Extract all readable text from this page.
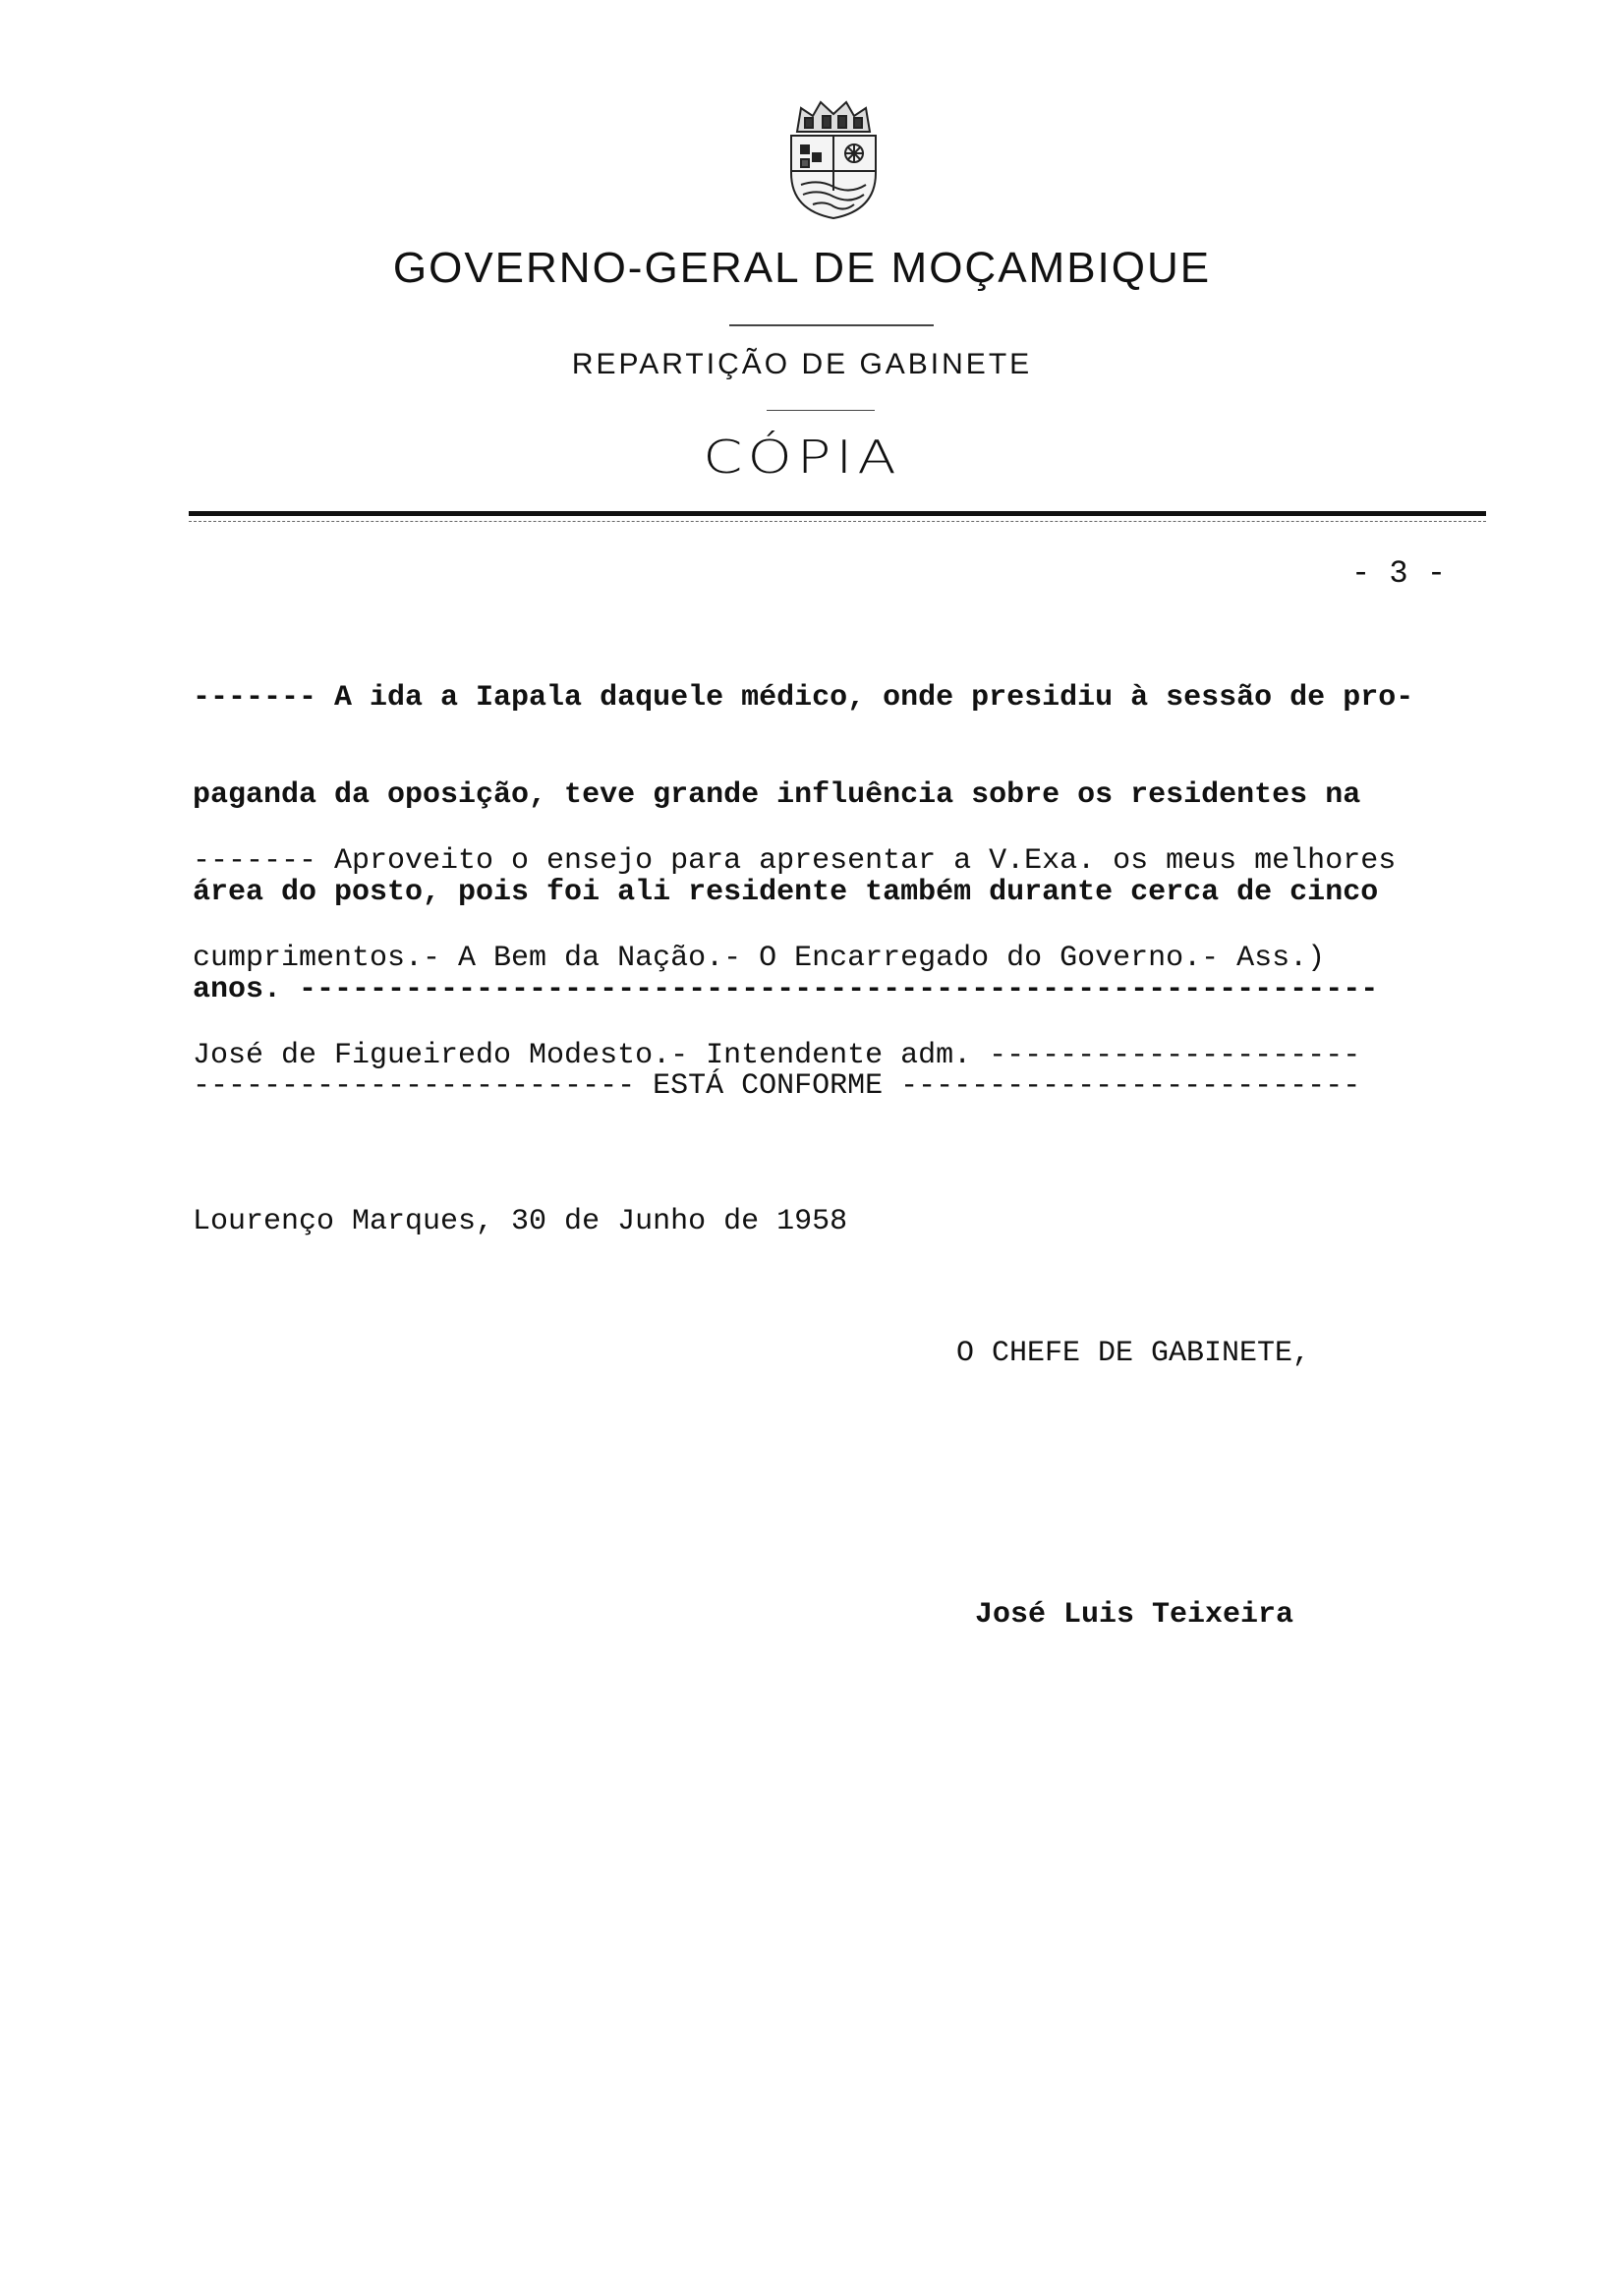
GOVERNO-GERAL DE MOÇAMBIQUE
REPARTIÇÃO DE GABINETE
CÓPIA
- 3 -

------- A ida a Iapala daquele médico, onde presidiu à sessão de pro-

paganda da oposição, teve grande influência sobre os residentes na

área do posto, pois foi ali residente também durante cerca de cinco

anos. -------------------------------------------------------------

------- Aproveito o ensejo para apresentar a V.Exa. os meus melhores

cumprimentos.- A Bem da Nação.- O Encarregado do Governo.- Ass.)

José de Figueiredo Modesto.- Intendente adm. ---------------------

------------------------- ESTÁ CONFORME --------------------------
Lourenço Marques, 30 de Junho de 1958
O CHEFE DE GABINETE,
José Luis Teixeira
